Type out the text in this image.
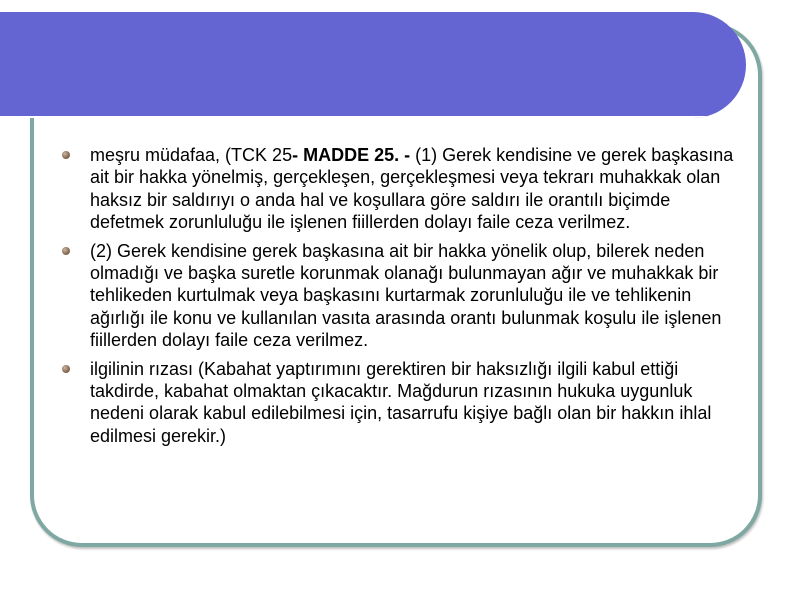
meşru müdafaa, (TCK 25- MADDE 25. - (1) Gerek kendisine ve gerek başkasına ait bir hakka yönelmiş, gerçekleşen, gerçekleşmesi veya tekrarı muhakkak olan haksız bir saldırıyı o anda hal ve koşullara göre saldırı ile orantılı biçimde defetmek zorunluluğu ile işlenen fiillerden dolayı faile ceza verilmez.

(2) Gerek kendisine gerek başkasına ait bir hakka yönelik olup, bilerek neden olmadığı ve başka suretle korunmak olanağı bulunmayan ağır ve muhakkak bir tehlikeden kurtulmak veya başkasını kurtarmak zorunluluğu ile ve tehlikenin ağırlığı ile konu ve kullanılan vasıta arasında orantı bulunmak koşulu ile işlenen fiillerden dolayı faile ceza verilmez.

ilgilinin rızası (Kabahat yaptırımını gerektiren bir haksızlığı ilgili kabul ettiği takdirde, kabahat olmaktan çıkacaktır. Mağdurun rızasının hukuka uygunluk nedeni olarak kabul edilebilmesi için, tasarrufu kişiye bağlı olan bir hakkın ihlal edilmesi gerekir.)
